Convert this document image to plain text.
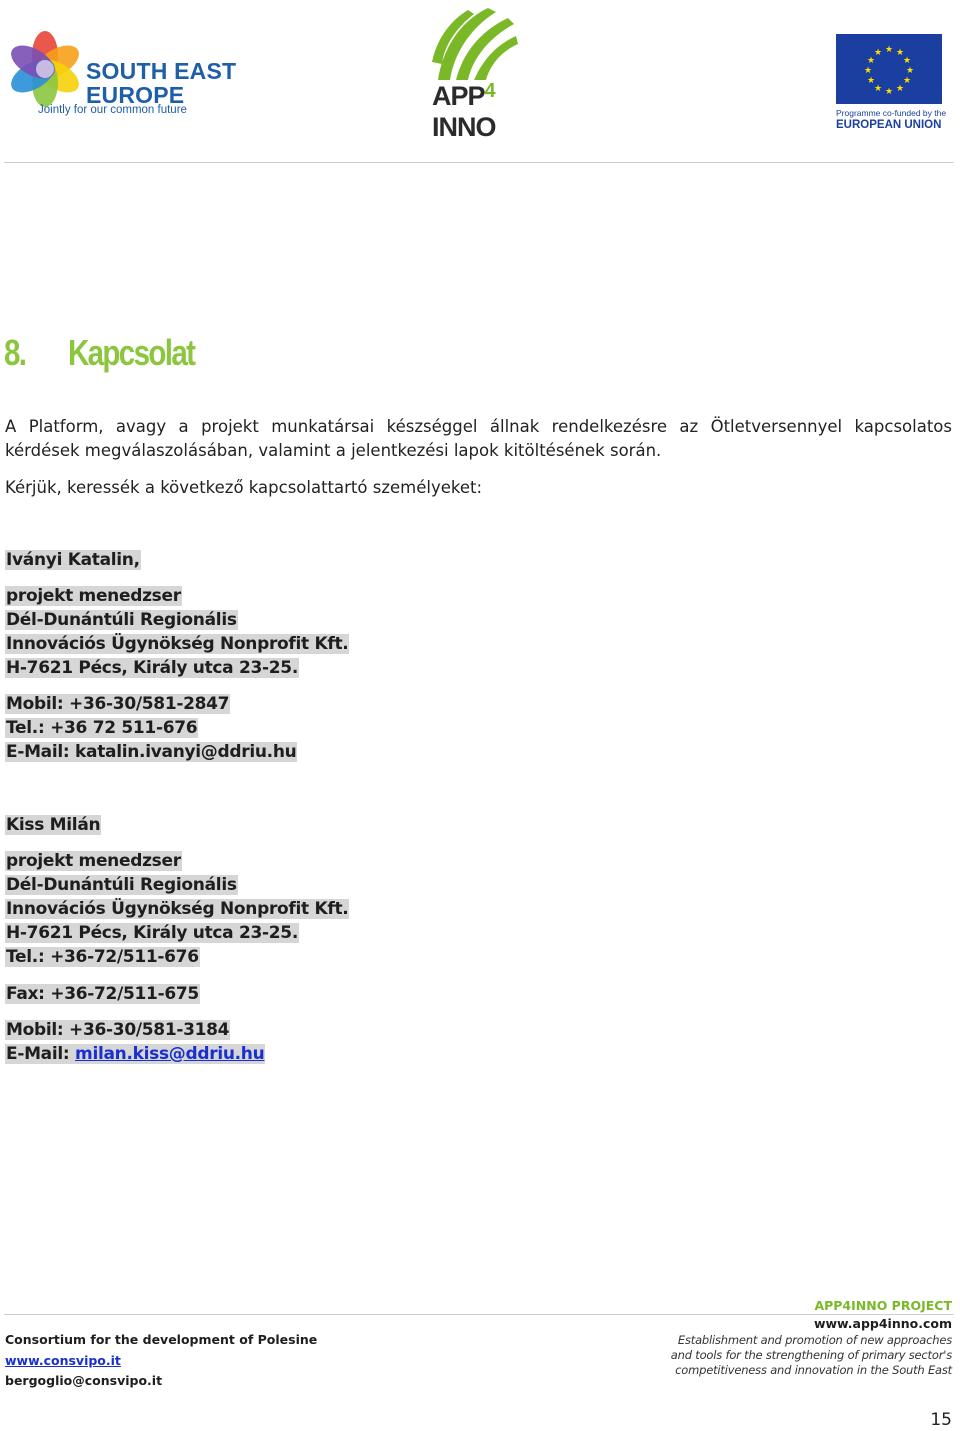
SOUTH EAST
EUROPE
Jointly for our common future	APP$^4$
INNO
★ ★
★
★
★
★
★
★
★
★
★
★
Programme co-funded by the
EUROPEAN UNION
8. Kapcsolat
A Platform, avagy a projekt munkatársai készséggel állnak rendelkezésre az Ötletversennyel kapcsolatos
kérdések megválaszolásában, valamint a jelentkezési lapok kitöltésének során.
Kérjük, keressék a következő kapcsolattartó személyeket:
Iványi Katalin,
projekt menedzser
Dél-Dunántúli Regionális
Innovációs Ügynökség Nonprofit Kft.
H-7621 Pécs, Király utca 23-25.
Mobil: +36-30/581-2847
Tel.: +36 72 511-676
E-Mail: katalin.ivanyi@ddriu.hu
Kiss Milán
projekt menedzser
Dél-Dunántúli Regionális
Innovációs Ügynökség Nonprofit Kft.
H-7621 Pécs, Király utca 23-25.
Tel.: +36-72/511-676
Fax: +36-72/511-675
Mobil: +36-30/581-3184
E-Mail: milan.kiss@ddriu.hu
Consortium for the development of Polesine
www.consvipo.it
bergoglio@consvipo.it
APP4INNO PROJECT
www.app4inno.com
Establishment and promotion of new approaches
and tools for the strengthening of primary sector's
competitiveness and innovation in the South East
15
